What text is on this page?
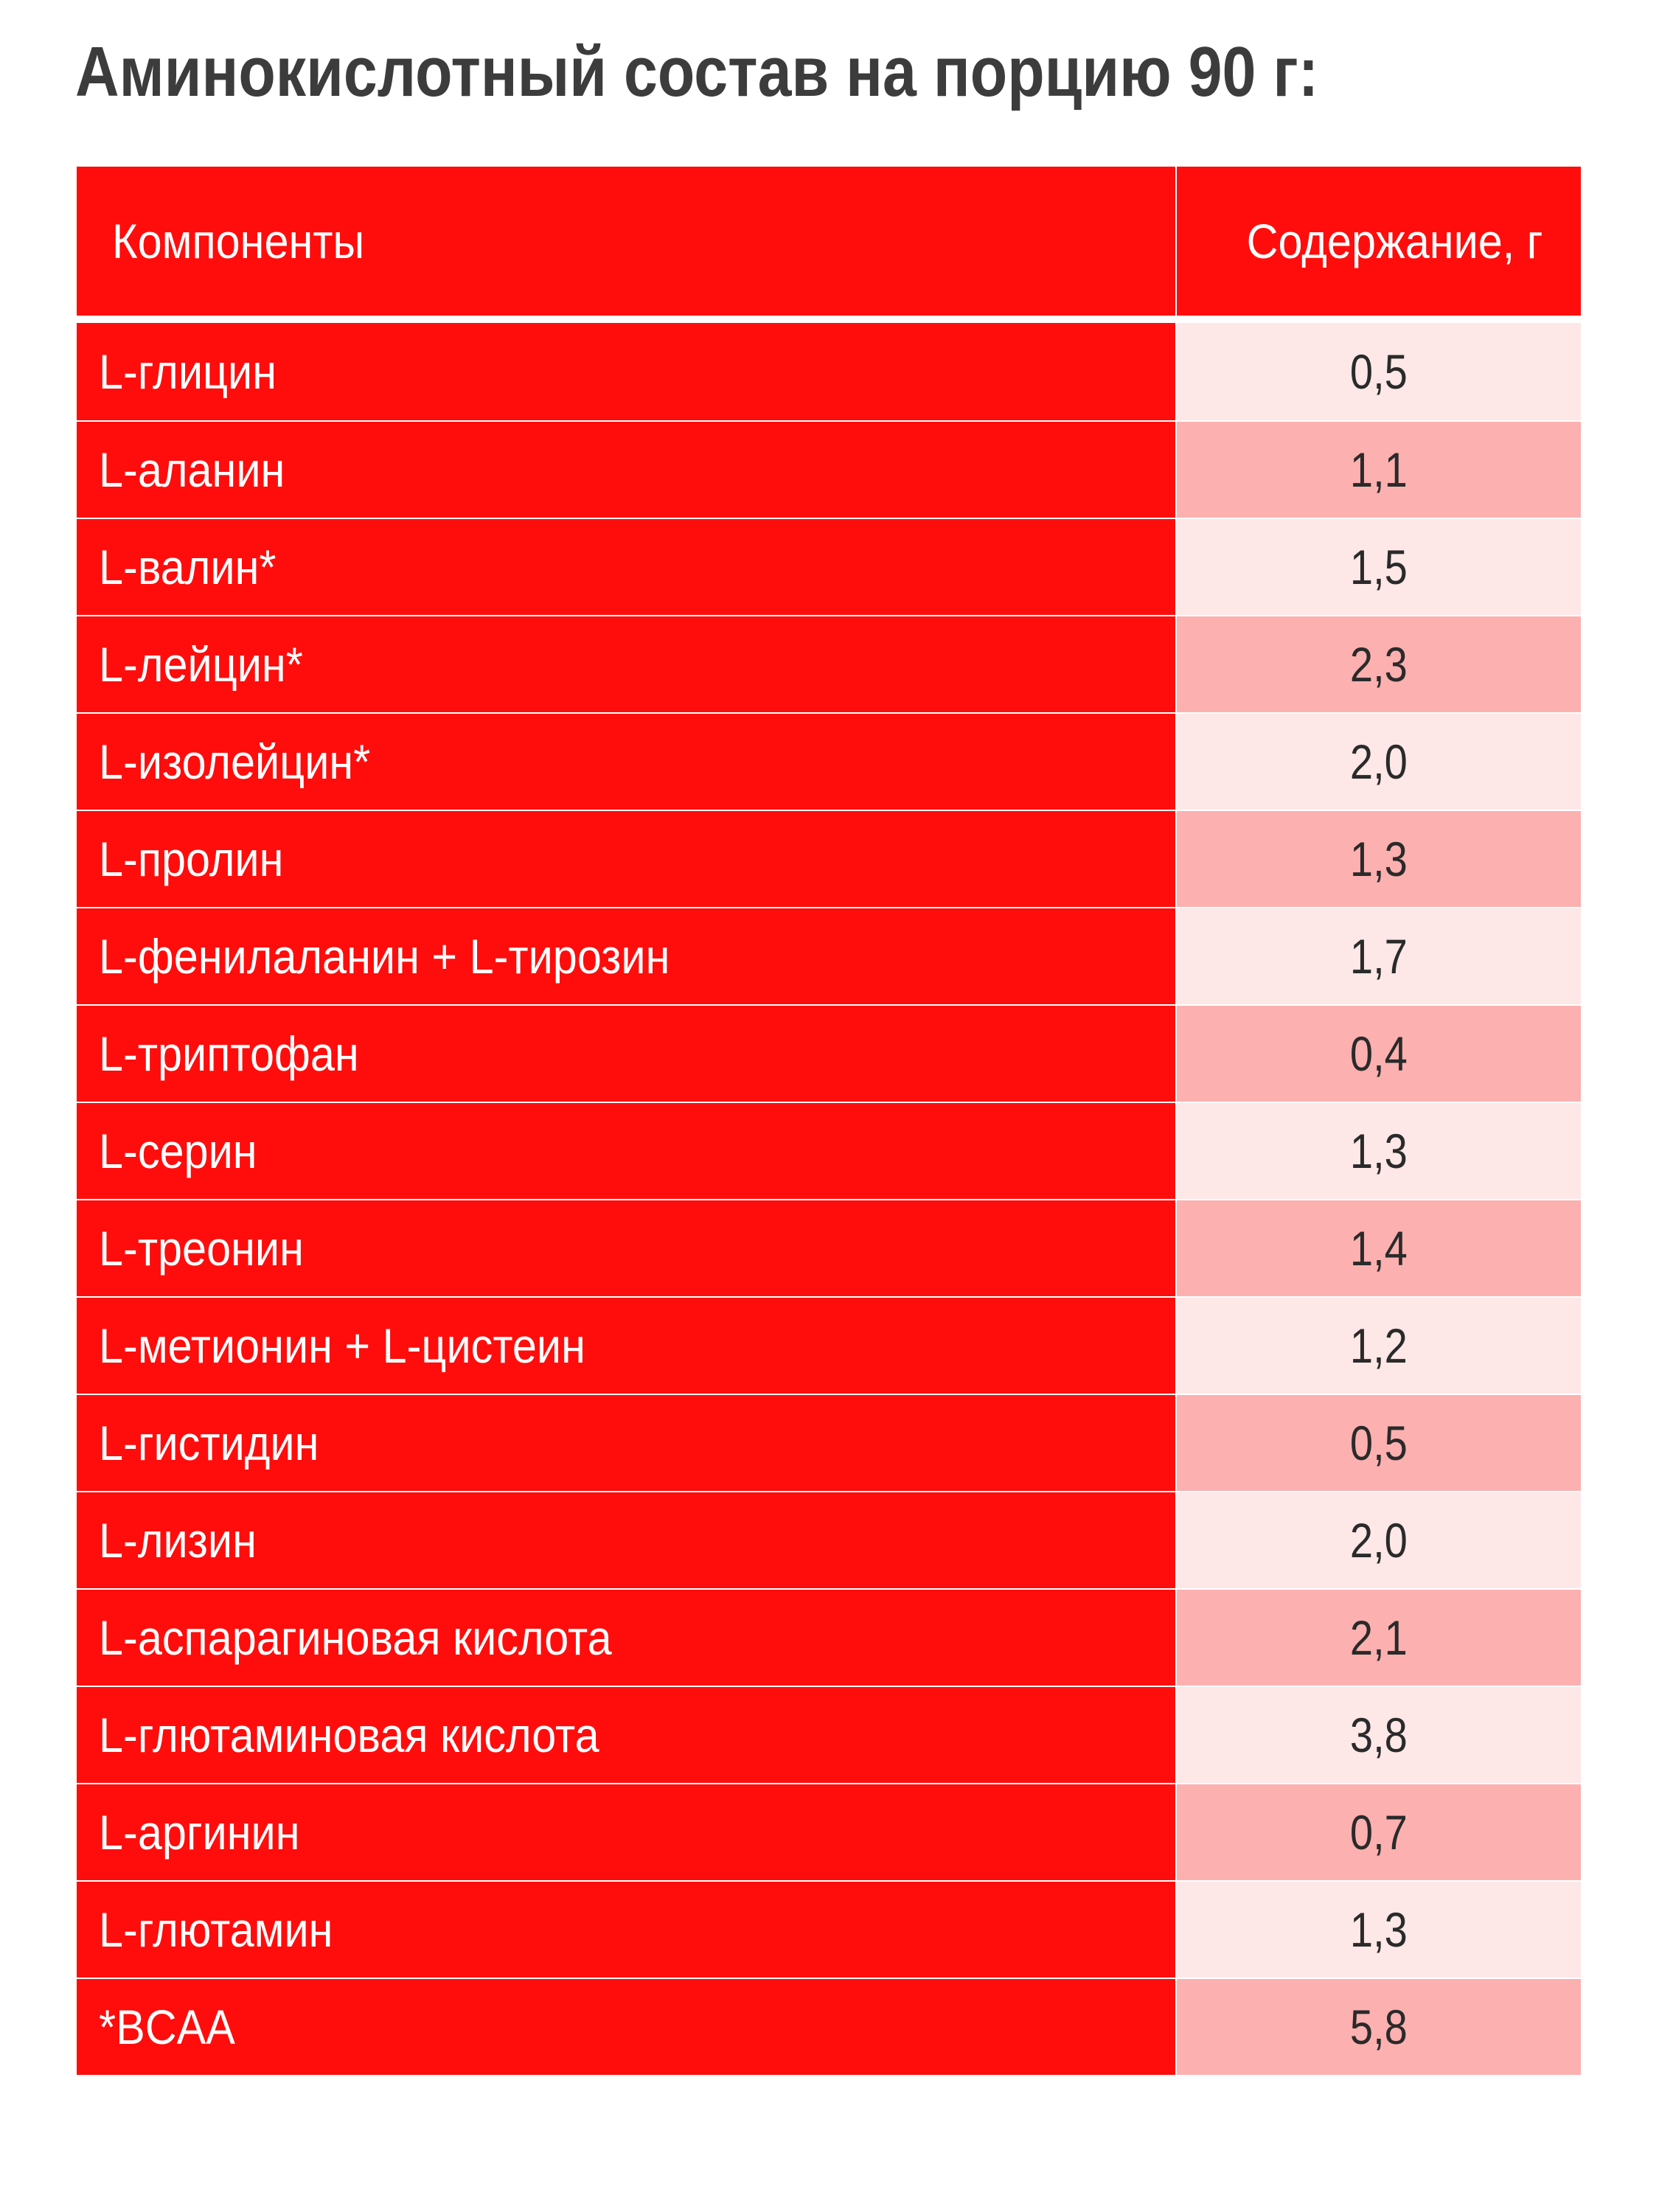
Аминокислотный состав на порцию 90 г:
Компоненты	Содержание, г
L-глицин	0,5
L-аланин	1,1
L-валин*	1,5
L-лейцин*	2,3
L-изолейцин*	2,0
L-пролин	1,3
L-фенилаланин + L-тирозин	1,7
L-триптофан	0,4
L-серин	1,3
L-треонин	1,4
L-метионин + L-цистеин	1,2
L-гистидин	0,5
L-лизин	2,0
L-аспарагиновая кислота	2,1
L-глютаминовая кислота	3,8
L-аргинин	0,7
L-глютамин	1,3
*BCAA	5,8
